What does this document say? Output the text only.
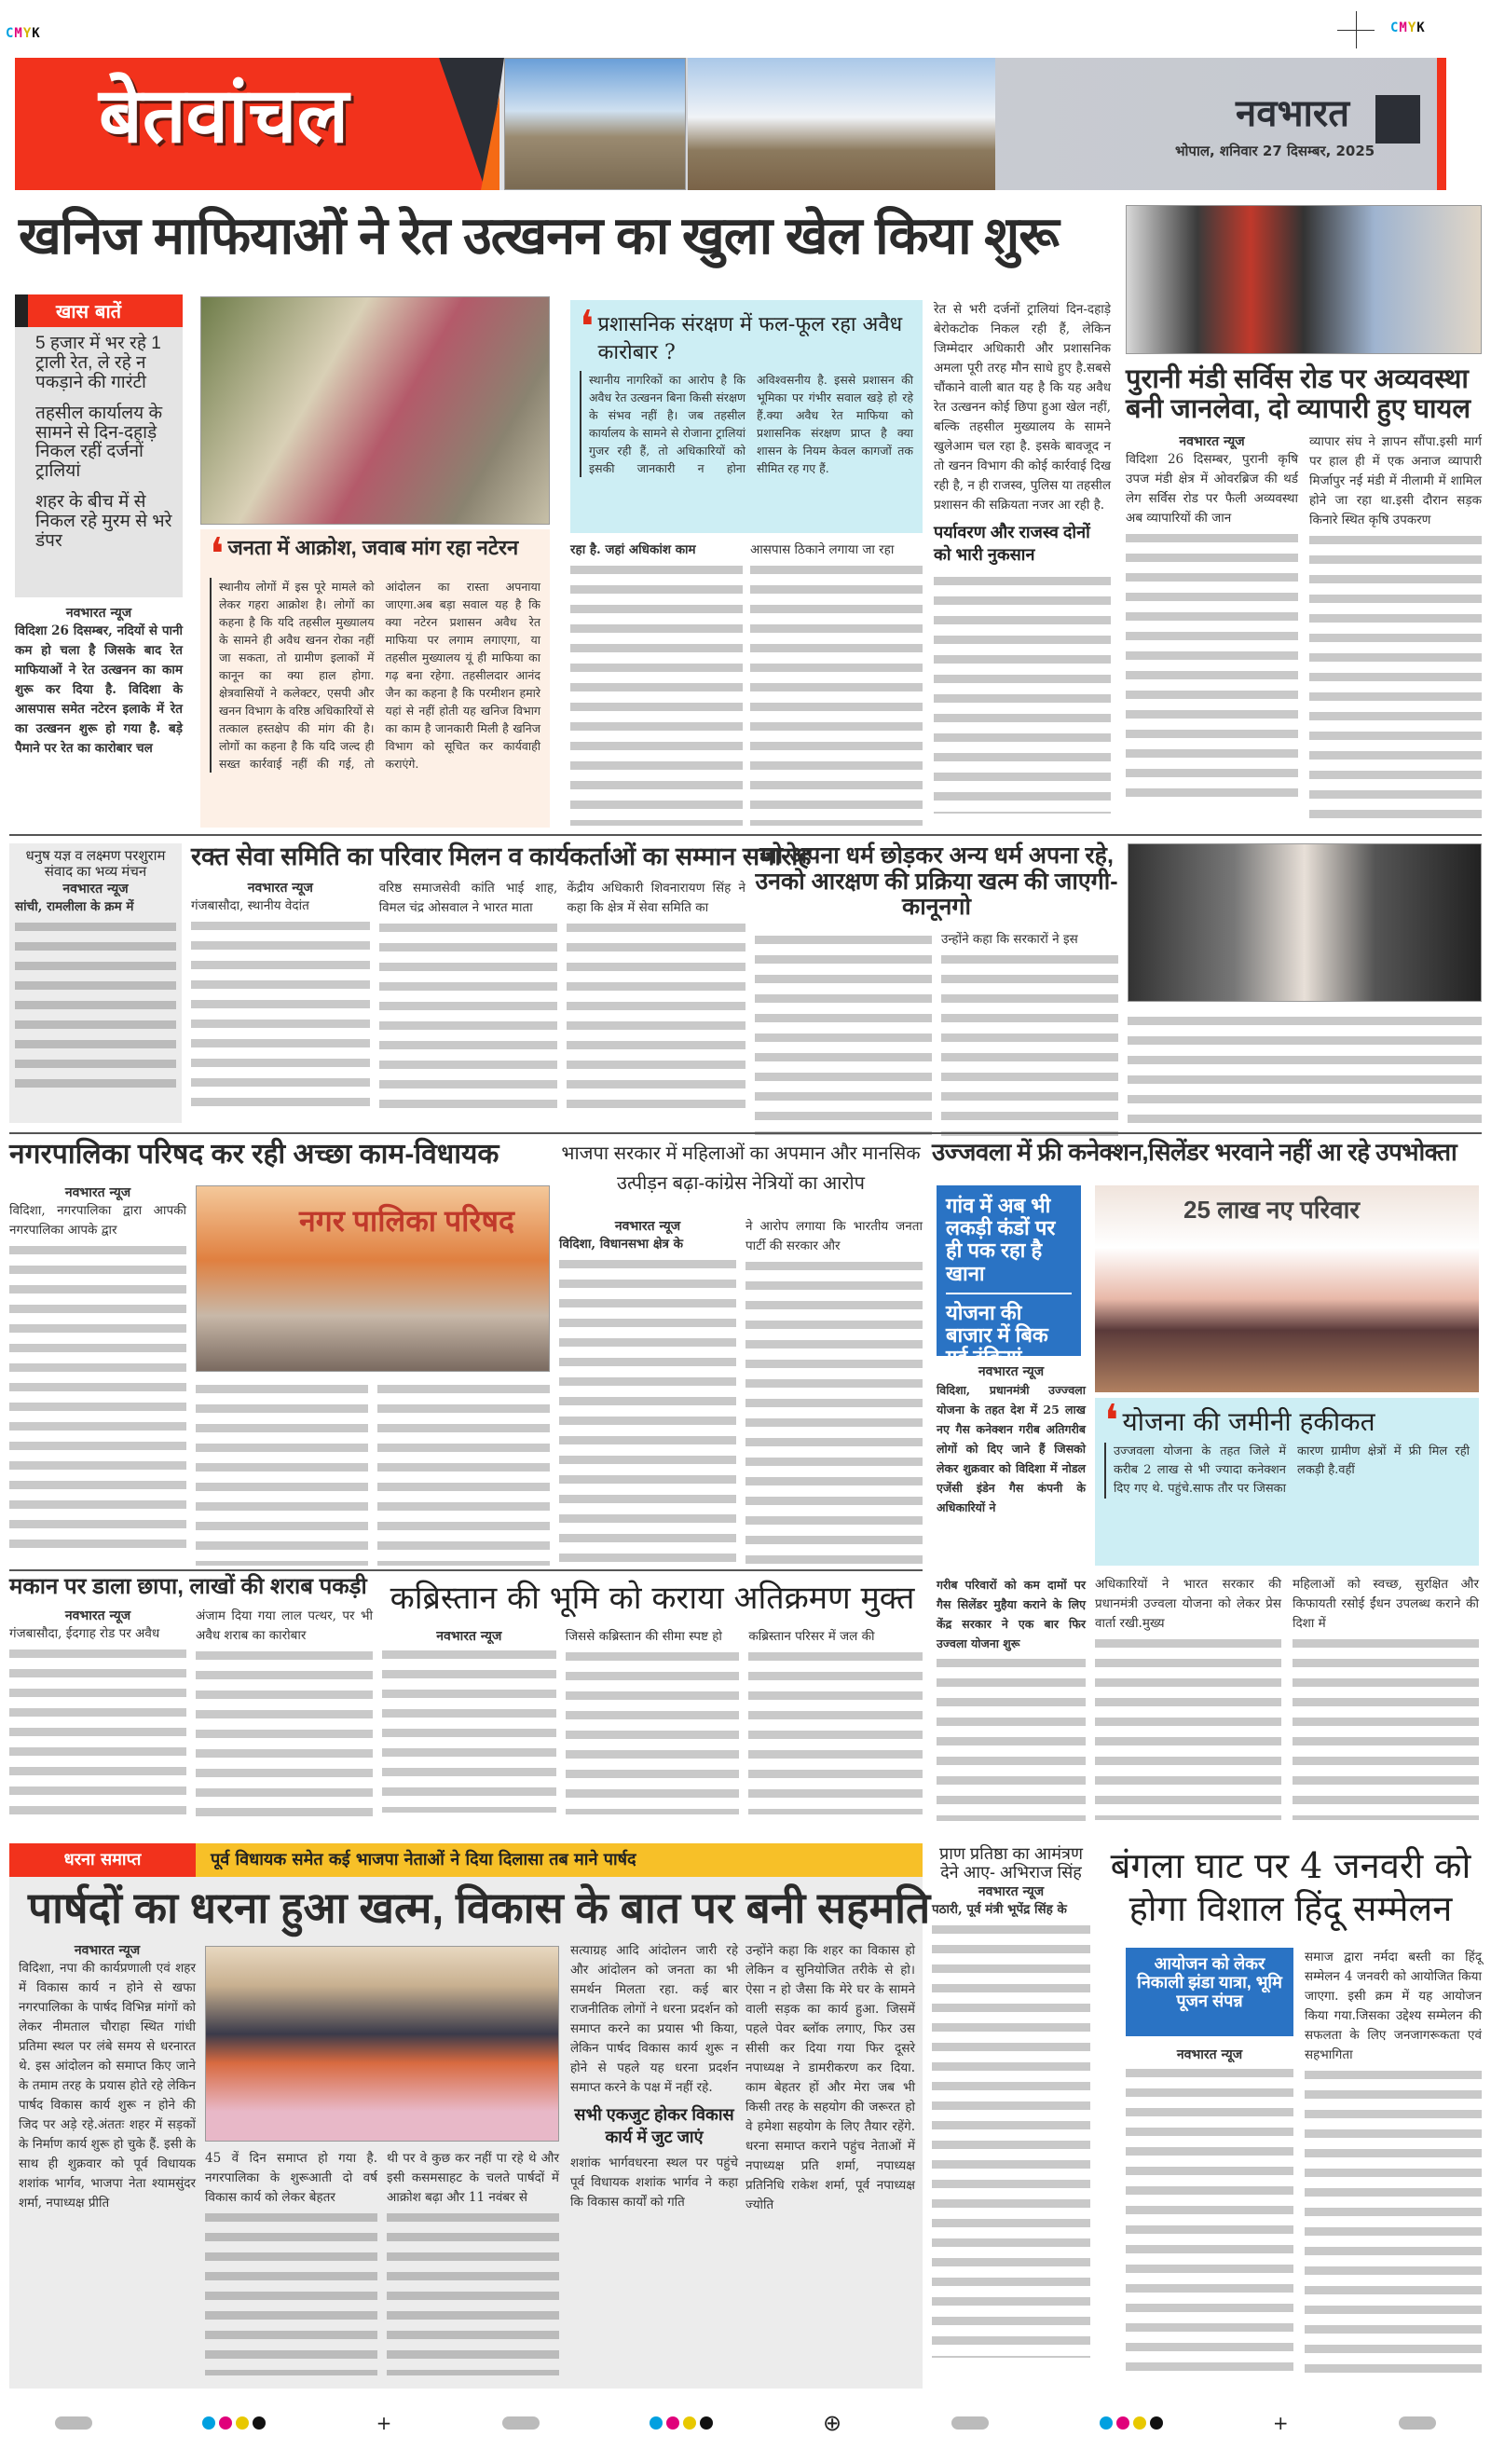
CMYK	CMYK
बेतवांचल	नवभारत
भोपाल, शनिवार 27 दिसम्बर, 2025
खनिज माफियाओं ने रेत उत्खनन का खुला खेल किया शुरू
खास बातें

5 हजार में भर रहे 1 ट्राली रेत, ले रहे न पकड़ाने की गारंटी

तहसील कार्यालय के सामने से दिन-दहाड़े निकल रहीं दर्जनों ट्रालियां

शहर के बीच में से निकल रहे मुरम से भरे डंपर

नवभारत न्यूज
विदिशा 26 दिसम्बर, नदियों से पानी कम हो चला है जिसके बाद रेत माफियाओं ने रेत उत्खनन का काम शुरू कर दिया है. विदिशा के आसपास समेत नटेरन इलाके में रेत का उत्खनन शुरू हो गया है. बड़े पैमाने पर रेत का कारोबार चल
❛ जनता में आक्रोश, जवाब मांग रहा नटेरन
स्थानीय लोगों में इस पूरे मामले को लेकर गहरा आक्रोश है। लोगों का कहना है कि यदि तहसील मुख्यालय के सामने ही अवैध खनन रोका नहीं जा सकता, तो ग्रामीण इलाकों में कानून का क्या हाल होगा. क्षेत्रवासियों ने कलेक्टर, एसपी और खनन विभाग के वरिष्ठ अधिकारियों से तत्काल हस्तक्षेप की मांग की है। लोगों का कहना है कि यदि जल्द ही सख्त कार्रवाई नहीं की गई, तो आंदोलन का रास्ता अपनाया जाएगा.अब बड़ा सवाल यह है कि क्या नटेरन प्रशासन अवैध रेत माफिया पर लगाम लगाएगा, या तहसील मुख्यालय यूं ही माफिया का गढ़ बना रहेगा. तहसीलदार आनंद जैन का कहना है कि परमीशन हमारे यहां से नहीं होती यह खनिज विभाग का काम है जानकारी मिली है खनिज विभाग को सूचित कर कार्यवाही कराएंगे.
❛ प्रशासनिक संरक्षण में फल-फूल रहा अवैध कारोबार ?
स्थानीय नागरिकों का आरोप है कि अवैध रेत उत्खनन बिना किसी संरक्षण के संभव नहीं है। जब तहसील कार्यालय के सामने से रोजाना ट्रालियां गुजर रही हैं, तो अधिकारियों को इसकी जानकारी न होना अविश्वसनीय है. इससे प्रशासन की भूमिका पर गंभीर सवाल खड़े हो रहे हैं.क्या अवैध रेत माफिया को प्रशासनिक संरक्षण प्राप्त है क्या शासन के नियम केवल कागजों तक सीमित रह गए हैं.
रहा है. जहां अधिकांश काम	आसपास ठिकाने लगाया जा रहा
रेत से भरी दर्जनों ट्रालियां दिन-दहाड़े बेरोकटोक निकल रही हैं, लेकिन जिम्मेदार अधिकारी और प्रशासनिक अमला पूरी तरह मौन साधे हुए है.सबसे चौंकाने वाली बात यह है कि यह अवैध रेत उत्खनन कोई छिपा हुआ खेल नहीं, बल्कि तहसील मुख्यालय के सामने खुलेआम चल रहा है. इसके बावजूद न तो खनन विभाग की कोई कार्रवाई दिख रही है, न ही राजस्व, पुलिस या तहसील प्रशासन की सक्रियता नजर आ रही है.
पर्यावरण और राजस्व दोनों को भारी नुकसान
पुरानी मंडी सर्विस रोड पर अव्यवस्था बनी जानलेवा, दो व्यापारी हुए घायल
नवभारत न्यूज
विदिशा 26 दिसम्बर, पुरानी कृषि उपज मंडी क्षेत्र में ओवरब्रिज की थर्ड लेग सर्विस रोड पर फैली अव्यवस्था अब व्यापारियों की जान
व्यापार संघ ने ज्ञापन सौंपा.इसी मार्ग पर हाल ही में एक अनाज व्यापारी मिर्जापुर नई मंडी में नीलामी में शामिल होने जा रहा था.इसी दौरान सड़क किनारे स्थित कृषि उपकरण
धनुष यज्ञ व लक्ष्मण परशुराम संवाद का भव्य मंचन
नवभारत न्यूज
सांची, रामलीला के क्रम में
रक्त सेवा समिति का परिवार मिलन व कार्यकर्ताओं का सम्मान समारोह
नवभारत न्यूज
गंजबासौदा, स्थानीय वेदांत
वरिष्ठ समाजसेवी कांति भाई शाह, विमल चंद्र ओसवाल ने भारत माता
केंद्रीय अधिकारी शिवनारायण सिंह ने कहा कि क्षेत्र में सेवा समिति का
जो अपना धर्म छोड़कर अन्य धर्म अपना रहे, उनको आरक्षण की प्रक्रिया खत्म की जाएगी- कानूनगो
उन्होंने कहा कि सरकारों ने इस
नगरपालिका परिषद कर रही अच्छा काम-विधायक
नवभारत न्यूज
विदिशा, नगरपालिका द्वारा आपकी नगरपालिका आपके द्वार	नगर पालिका परिषद
भाजपा सरकार में महिलाओं का अपमान और मानसिक उत्पीड़न बढ़ा-कांग्रेस नेत्रियों का आरोप
नवभारत न्यूज
विदिशा, विधानसभा क्षेत्र के
ने आरोप लगाया कि भारतीय जनता पार्टी की सरकार और
उज्जवला में फ्री कनेक्शन,सिलेंडर भरवाने नहीं आ रहे उपभोक्ता
गांव में अब भी लकड़ी कंडों पर ही पक रहा है खाना
योजना की बाजार में बिक गई टंकियां
नवभारत न्यूज
विदिशा, प्रधानमंत्री उज्ज्वला योजना के तहत देश में 25 लाख नए गैस कनेक्शन गरीब अतिगरीब लोगों को दिए जाने हैं जिसको लेकर शुक्रवार को विदिशा में नोडल एजेंसी इंडेन गैस कंपनी के अधिकारियों ने
25 लाख नए परिवार
❛ योजना की जमीनी हकीकत
उज्जवला योजना के तहत जिले में करीब 2 लाख से भी ज्यादा कनेक्शन दिए गए थे. पहुंचे.साफ तौर पर जिसका कारण ग्रामीण क्षेत्रों में फ्री मिल रही लकड़ी है.वहीं
गरीब परिवारों को कम दामों पर गैस सिलेंडर मुहैया कराने के लिए केंद्र सरकार ने एक बार फिर उज्वला योजना शुरू
अधिकारियों ने भारत सरकार की प्रधानमंत्री उज्वला योजना को लेकर प्रेस वार्ता रखी.मुख्य
महिलाओं को स्वच्छ, सुरक्षित और किफायती रसोई ईंधन उपलब्ध कराने की दिशा में
मकान पर डाला छापा, लाखों की शराब पकड़ी
नवभारत न्यूज
गंजबासौदा, ईदगाह रोड पर अवैध
अंजाम दिया गया लाल पत्थर, पर भी अवैध शराब का कारोबार
कब्रिस्तान की भूमि को कराया अतिक्रमण मुक्त
नवभारत न्यूज	जिससे कब्रिस्तान की सीमा स्पष्ट हो	कब्रिस्तान परिसर में जल की
धरना समाप्त	पूर्व विधायक समेत कई भाजपा नेताओं ने दिया दिलासा तब माने पार्षद
पार्षदों का धरना हुआ खत्म, विकास के बात पर बनी सहमति
नवभारत न्यूज
विदिशा, नपा की कार्यप्रणाली एवं शहर में विकास कार्य न होने से खफा नगरपालिका के पार्षद विभिन्न मांगों को लेकर नीमताल चौराहा स्थित गांधी प्रतिमा स्थल पर लंबे समय से धरनारत थे. इस आंदोलन को समाप्त किए जाने के तमाम तरह के प्रयास होते रहे लेकिन पार्षद विकास कार्य शुरू न होने की जिद पर अड़े रहे.अंततः शहर में सड़कों के निर्माण कार्य शुरू हो चुके हैं. इसी के साथ ही शुक्रवार को पूर्व विधायक शशांक भार्गव, भाजपा नेता श्यामसुंदर शर्मा, नपाध्यक्ष प्रीति
45 वें दिन समाप्त हो गया है. नगरपालिका के शुरूआती दो वर्ष विकास कार्य को लेकर बेहतर
थी पर वे कुछ कर नहीं पा रहे थे और इसी कसमसाहट के चलते पार्षदों में आक्रोश बढ़ा और 11 नवंबर से
सत्याग्रह आदि आंदोलन जारी रहे और आंदोलन को जनता का भी समर्थन मिलता रहा. कई बार राजनीतिक लोगों ने धरना प्रदर्शन को समाप्त करने का प्रयास भी किया, लेकिन पार्षद विकास कार्य शुरू न होने से पहले यह धरना प्रदर्शन समाप्त करने के पक्ष में नहीं रहे.
सभी एकजुट होकर विकास कार्य में जुट जाएं
शशांक भार्गवधरना स्थल पर पहुंचे पूर्व विधायक शशांक भार्गव ने कहा कि विकास कार्यों को गति
उन्होंने कहा कि शहर का विकास हो लेकिन व सुनियोजित तरीके से हो। ऐसा न हो जैसा कि मेरे घर के सामने वाली सड़क का कार्य हुआ. जिसमें पहले पेवर ब्लॉक लगाए, फिर उस सीसी कर दिया गया फिर दूसरे नपाध्यक्ष ने डामरीकरण कर दिया. काम बेहतर हों और मेरा जब भी किसी तरह के सहयोग की जरूरत हो वे हमेशा सहयोग के लिए तैयार रहेंगे. धरना समाप्त कराने पहुंच नेताओं में नपाध्यक्ष प्रति शर्मा, नपाध्यक्ष प्रतिनिधि राकेश शर्मा, पूर्व नपाध्यक्ष ज्योति
प्राण प्रतिष्ठा का आमंत्रण देने आए- अभिराज सिंह
नवभारत न्यूज
पठारी, पूर्व मंत्री भूपेंद्र सिंह के
बंगला घाट पर 4 जनवरी को होगा विशाल हिंदू सम्मेलन
आयोजन को लेकर निकाली झंडा यात्रा, भूमि पूजन संपन्न
नवभारत न्यूज
समाज द्वारा नर्मदा बस्ती का हिंदू सम्मेलन 4 जनवरी को आयोजित किया जाएगा. इसी क्रम में यह आयोजन किया गया.जिसका उद्देश्य सम्मेलन की सफलता के लिए जनजागरूकता एवं सहभागिता
+	⊕	+
